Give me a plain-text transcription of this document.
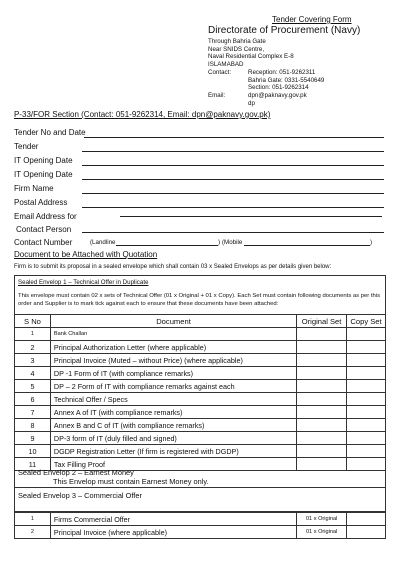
Tender Covering Form
Directorate of Procurement (Navy)
Through Bahria Gate
Near SNIDS Centre,
Naval Residential Complex E-8
ISLAMABAD
Contact:	Reception: 051-9262311
Bahria Gate: 0331-5540649
Section: 051-9262314
Email:	dpn@paknavy.gov.pk
dp
P-33/FOR Section (Contact: 051-9262314, Email: dpn@paknavy.gov.pk)
Tender No and Date
Tender
IT Opening Date
IT Opening Date
Firm Name
Postal Address
Email Address for
Contact Person
Contact Number	(Landline	) (Mobile	)
Document to be Attached with Quotation
Firm is to submit its proposal in a sealed envelope which shall contain 03 x Sealed Envelops as per details given below:
Sealed Envelop 1 – Technical Offer in Duplicate
This envelope must contain 02 x sets of Technical Offer (01 x Original + 01 x Copy). Each Set must contain following documents as per this order and Supplier is to mark tick against each to ensure that these documents have been attached:
S No	Document	Original Set	Copy Set
1	Bank Challan		
2	Principal Authorization Letter (where applicable)		
3	Principal Invoice (Muted – without Price) (where applicable)		
4	DP -1 Form of IT (with compliance remarks)		
5	DP – 2 Form of IT with compliance remarks against each		
6	Technical Offer / Specs		
7	Annex A of IT (with compliance remarks)		
8	Annex B and C of IT (with compliance remarks)		
9	DP-3 form of IT (duly filled and signed)		
10	DGDP Registration Letter (If firm is registered with DGDP)		
11	Tax Filling Proof		
Sealed Envelop 2 – Earnest Money
This Envelop must contain Earnest Money only.
Sealed Envelop 3 – Commercial Offer
1	Firms Commercial Offer	01 x Original	
2	Principal Invoice (where applicable)	01 x Original	
